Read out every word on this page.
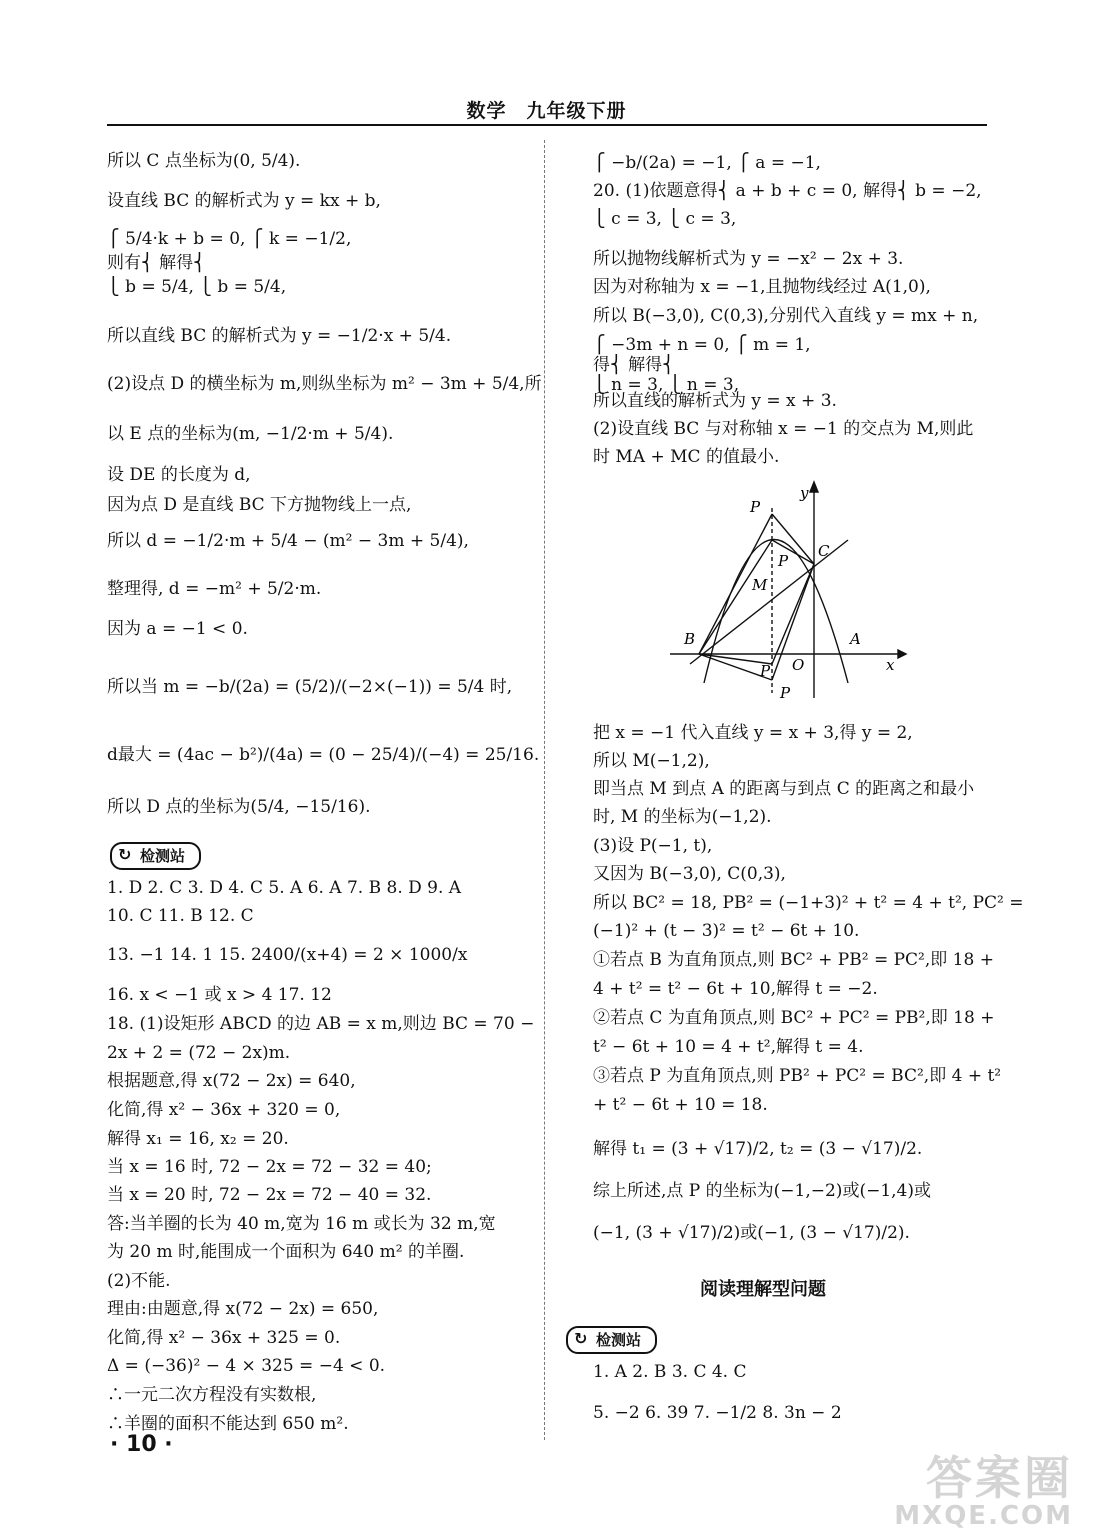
数学　九年级下册
所以 C 点坐标为(0, 5/4).
设直线 BC 的解析式为 y = kx + b,
⎧ 5/4·k + b = 0, ⎧ k = −1/2,
则有⎨ 解得⎨
⎩ b = 5/4, ⎩ b = 5/4,
所以直线 BC 的解析式为 y = −1/2·x + 5/4.
(2)设点 D 的横坐标为 m,则纵坐标为 m² − 3m + 5/4,所
以 E 点的坐标为(m, −1/2·m + 5/4).
设 DE 的长度为 d,
因为点 D 是直线 BC 下方抛物线上一点,
所以 d = −1/2·m + 5/4 − (m² − 3m + 5/4),
整理得, d = −m² + 5/2·m.
因为 a = −1 < 0.
所以当 m = −b/(2a) = (5/2)/(−2×(−1)) = 5/4 时,
d最大 = (4ac − b²)/(4a) = (0 − 25/4)/(−4) = 25/16.
所以 D 点的坐标为(5/4, −15/16).
1. D 2. C 3. D 4. C 5. A 6. A 7. B 8. D 9. A
10. C 11. B 12. C
13. −1 14. 1 15. 2400/(x+4) = 2 × 1000/x
16. x < −1 或 x > 4 17. 12
18. (1)设矩形 ABCD 的边 AB = x m,则边 BC = 70 −
2x + 2 = (72 − 2x)m.
根据题意,得 x(72 − 2x) = 640,
化简,得 x² − 36x + 320 = 0,
解得 x₁ = 16, x₂ = 20.
当 x = 16 时, 72 − 2x = 72 − 32 = 40;
当 x = 20 时, 72 − 2x = 72 − 40 = 32.
答:当羊圈的长为 40 m,宽为 16 m 或长为 32 m,宽
为 20 m 时,能围成一个面积为 640 m² 的羊圈.
(2)不能.
理由:由题意,得 x(72 − 2x) = 650,
化简,得 x² − 36x + 325 = 0.
Δ = (−36)² − 4 × 325 = −4 < 0.
∴一元二次方程没有实数根,
∴羊圈的面积不能达到 650 m².
⎧ −b/(2a) = −1, ⎧ a = −1,
20. (1)依题意得⎨ a + b + c = 0, 解得⎨ b = −2,
⎩ c = 3, ⎩ c = 3,
所以抛物线解析式为 y = −x² − 2x + 3.
因为对称轴为 x = −1,且抛物线经过 A(1,0),
所以 B(−3,0), C(0,3),分别代入直线 y = mx + n,
⎧ −3m + n = 0, ⎧ m = 1,
得⎨ 解得⎨
⎩ n = 3, ⎩ n = 3,
所以直线的解析式为 y = x + 3.
(2)设直线 BC 与对称轴 x = −1 的交点为 M,则此
时 MA + MC 的值最小.
把 x = −1 代入直线 y = x + 3,得 y = 2,
所以 M(−1,2),
即当点 M 到点 A 的距离与到点 C 的距离之和最小
时, M 的坐标为(−1,2).
(3)设 P(−1, t),
又因为 B(−3,0), C(0,3),
所以 BC² = 18, PB² = (−1+3)² + t² = 4 + t², PC² =
(−1)² + (t − 3)² = t² − 6t + 10.
①若点 B 为直角顶点,则 BC² + PB² = PC²,即 18 +
4 + t² = t² − 6t + 10,解得 t = −2.
②若点 C 为直角顶点,则 BC² + PC² = PB²,即 18 +
t² − 6t + 10 = 4 + t²,解得 t = 4.
③若点 P 为直角顶点,则 PB² + PC² = BC²,即 4 + t²
+ t² − 6t + 10 = 18.
解得 t₁ = (3 + √17)/2, t₂ = (3 − √17)/2.
综上所述,点 P 的坐标为(−1,−2)或(−1,4)或
(−1, (3 + √17)/2)或(−1, (3 − √17)/2).
1. A 2. B 3. C 4. C
5. −2 6. 39 7. −1/2 8. 3n − 2
↻ 检测站
↻ 检测站
阅读理解型问题
P
y
C
P
M
B	A
x
O
P
P
· 10 ·
答案圈
MXQE.COM
